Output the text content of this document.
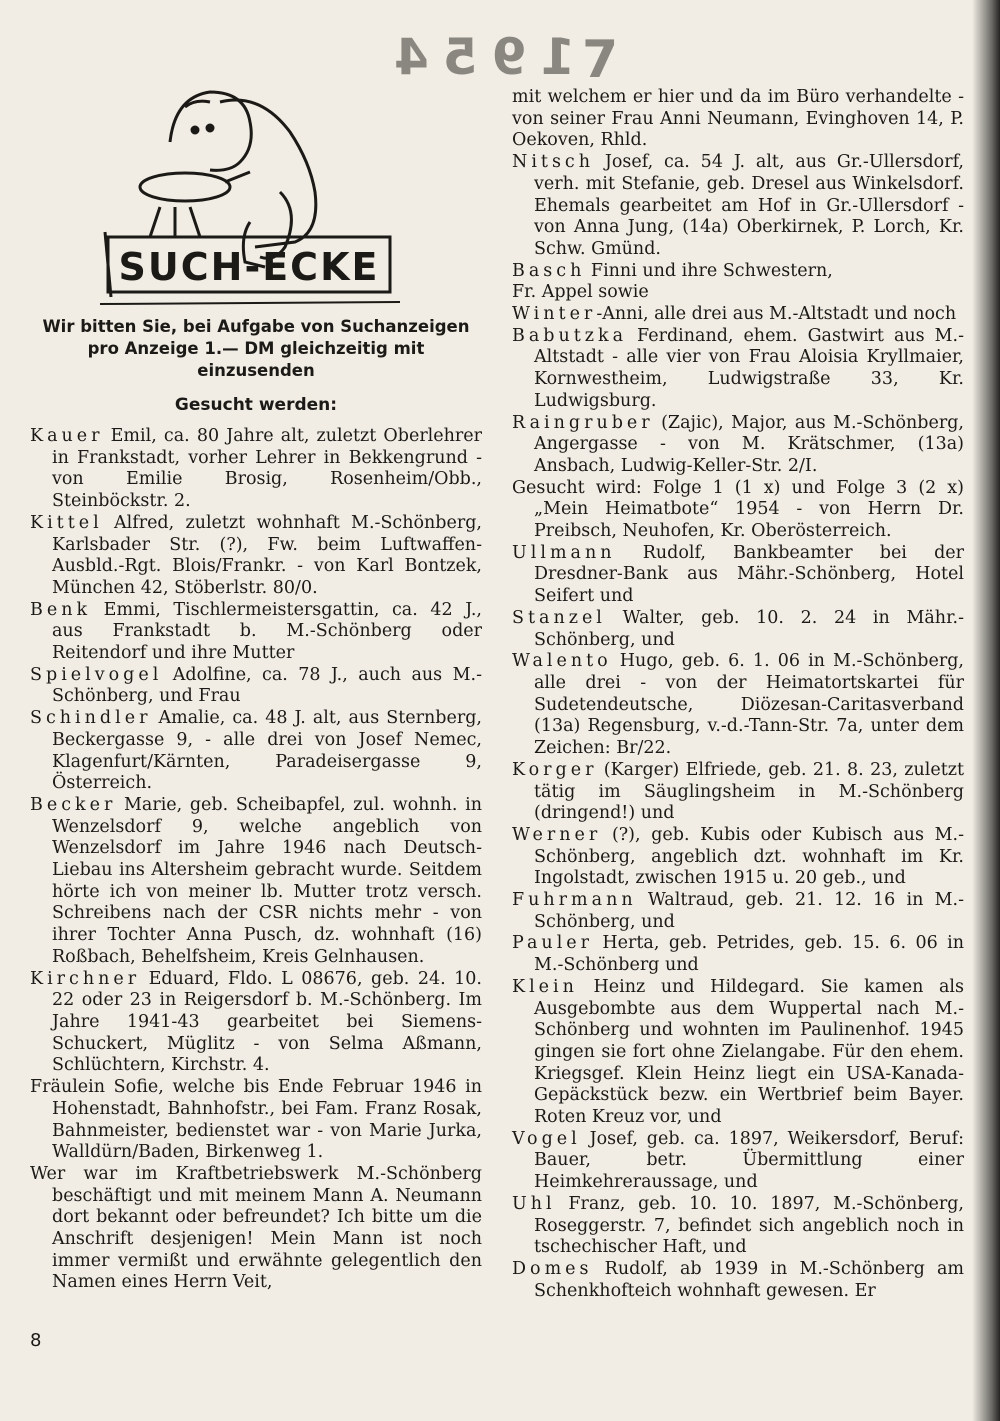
1954 7
SUCH-ECKE
Wir bitten Sie, bei Aufgabe von Suchanzeigen pro Anzeige 1.— DM gleichzeitig mit einzusenden
Gesucht werden:

Kauer Emil, ca. 80 Jahre alt, zuletzt Oberlehrer in Frankstadt, vorher Lehrer in Bekkengrund - von Emilie Brosig, Rosenheim/Obb., Steinböckstr. 2.

Kittel Alfred, zuletzt wohnhaft M.-Schönberg, Karlsbader Str. (?), Fw. beim Luftwaffen-Ausbld.-Rgt. Blois/Frankr. - von Karl Bontzek, München 42, Stöberlstr. 80/0.

Benk Emmi, Tischlermeistersgattin, ca. 42 J., aus Frankstadt b. M.-Schönberg oder Reitendorf und ihre Mutter

Spielvogel Adolfine, ca. 78 J., auch aus M.-Schönberg, und Frau

Schindler Amalie, ca. 48 J. alt, aus Sternberg, Beckergasse 9, - alle drei von Josef Nemec, Klagenfurt/Kärnten, Paradeisergasse 9, Österreich.

Becker Marie, geb. Scheibapfel, zul. wohnh. in Wenzelsdorf 9, welche angeblich von Wenzelsdorf im Jahre 1946 nach Deutsch-Liebau ins Altersheim gebracht wurde. Seitdem hörte ich von meiner lb. Mutter trotz versch. Schreibens nach der CSR nichts mehr - von ihrer Tochter Anna Pusch, dz. wohnhaft (16) Roßbach, Behelfsheim, Kreis Gelnhausen.

Kirchner Eduard, Fldo. L 08676, geb. 24. 10. 22 oder 23 in Reigersdorf b. M.-Schönberg. Im Jahre 1941-43 gearbeitet bei Siemens-Schuckert, Müglitz - von Selma Aßmann, Schlüchtern, Kirchstr. 4.

Fräulein Sofie, welche bis Ende Februar 1946 in Hohenstadt, Bahnhofstr., bei Fam. Franz Rosak, Bahnmeister, bedienstet war - von Marie Jurka, Walldürn/Baden, Birkenweg 1.

Wer war im Kraftbetriebswerk M.-Schönberg beschäftigt und mit meinem Mann A. Neumann dort bekannt oder befreundet? Ich bitte um die Anschrift desjenigen! Mein Mann ist noch immer vermißt und erwähnte gelegentlich den Namen eines Herrn Veit,

mit welchem er hier und da im Büro verhandelte - von seiner Frau Anni Neumann, Evinghoven 14, P. Oekoven, Rhld.

Nitsch Josef, ca. 54 J. alt, aus Gr.-Ullersdorf, verh. mit Stefanie, geb. Dresel aus Winkelsdorf. Ehemals gearbeitet am Hof in Gr.-Ullersdorf - von Anna Jung, (14a) Oberkirnek, P. Lorch, Kr. Schw. Gmünd.

Basch Finni und ihre Schwestern,

Fr. Appel sowie

Winter-Anni, alle drei aus M.-Altstadt und noch

Babutzka Ferdinand, ehem. Gastwirt aus M.-Altstadt - alle vier von Frau Aloisia Kryllmaier, Kornwestheim, Ludwigstraße 33, Kr. Ludwigsburg.

Raingruber (Zajic), Major, aus M.-Schönberg, Angergasse - von M. Krätschmer, (13a) Ansbach, Ludwig-Keller-Str. 2/I.

Gesucht wird: Folge 1 (1 x) und Folge 3 (2 x) „Mein Heimatbote“ 1954 - von Herrn Dr. Preibsch, Neuhofen, Kr. Oberösterreich.

Ullmann Rudolf, Bankbeamter bei der Dresdner-Bank aus Mähr.-Schönberg, Hotel Seifert und

Stanzel Walter, geb. 10. 2. 24 in Mähr.-Schönberg, und

Walento Hugo, geb. 6. 1. 06 in M.-Schönberg, alle drei - von der Heimatortskartei für Sudetendeutsche, Diözesan-Caritasverband (13a) Regensburg, v.-d.-Tann-Str. 7a, unter dem Zeichen: Br/22.

Korger (Karger) Elfriede, geb. 21. 8. 23, zuletzt tätig im Säuglingsheim in M.-Schönberg (dringend!) und

Werner (?), geb. Kubis oder Kubisch aus M.-Schönberg, angeblich dzt. wohnhaft im Kr. Ingolstadt, zwischen 1915 u. 20 geb., und

Fuhrmann Waltraud, geb. 21. 12. 16 in M.-Schönberg, und

Pauler Herta, geb. Petrides, geb. 15. 6. 06 in M.-Schönberg und

Klein Heinz und Hildegard. Sie kamen als Ausgebombte aus dem Wuppertal nach M.-Schönberg und wohnten im Paulinenhof. 1945 gingen sie fort ohne Zielangabe. Für den ehem. Kriegsgef. Klein Heinz liegt ein USA-Kanada-Gepäckstück bezw. ein Wertbrief beim Bayer. Roten Kreuz vor, und

Vogel Josef, geb. ca. 1897, Weikersdorf, Beruf: Bauer, betr. Übermittlung einer Heimkehreraussage, und

Uhl Franz, geb. 10. 10. 1897, M.-Schönberg, Roseggerstr. 7, befindet sich angeblich noch in tschechischer Haft, und

Domes Rudolf, ab 1939 in M.-Schönberg am Schenkhofteich wohnhaft gewesen. Er

8
